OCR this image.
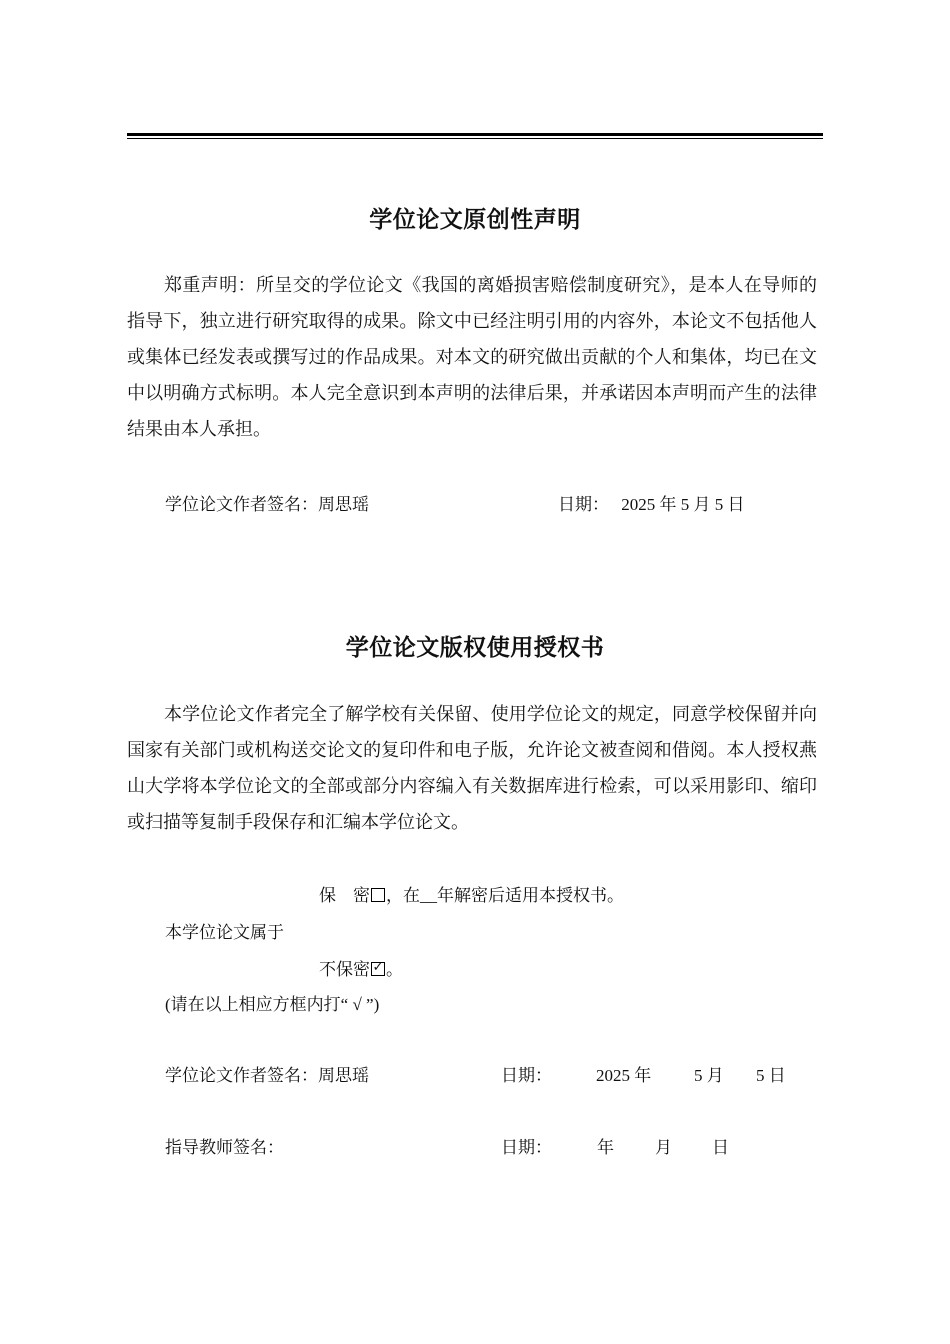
学位论文原创性声明
郑重声明：所呈交的学位论文《我国的离婚损害赔偿制度研究》，是本人在导师的指导下，独立进行研究取得的成果。除文中已经注明引用的内容外，本论文不包括他人或集体已经发表或撰写过的作品成果。对本文的研究做出贡献的个人和集体，均已在文中以明确方式标明。本人完全意识到本声明的法律后果，并承诺因本声明而产生的法律结果由本人承担。
学位论文作者签名：周思瑶	日期： 2025 年 5 月 5 日
学位论文版权使用授权书
本学位论文作者完全了解学校有关保留、使用学位论文的规定，同意学校保留并向国家有关部门或机构送交论文的复印件和电子版，允许论文被查阅和借阅。本人授权燕山大学将本学位论文的全部或部分内容编入有关数据库进行检索，可以采用影印、缩印或扫描等复制手段保存和汇编本学位论文。
保　密 ，在__年解密后适用本授权书。
本学位论文属于
不保密 ✓ 。
(请在以上相应方框内打“ √ ”)
学位论文作者签名：周思瑶	日期：	2025 年	5 月 5 日
指导教师签名：	日期：	年 月 日
